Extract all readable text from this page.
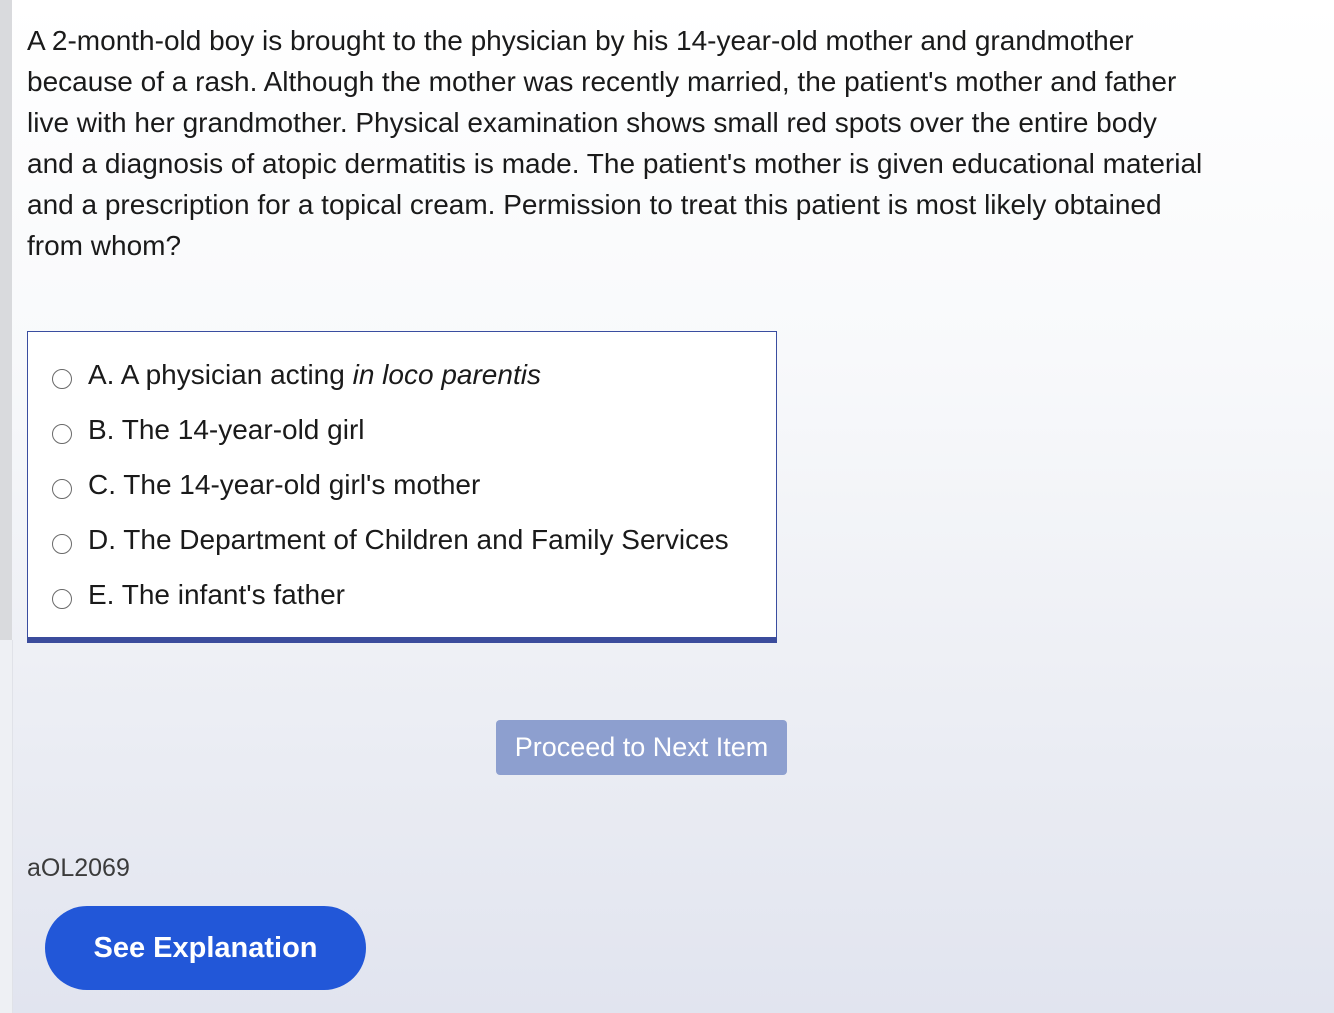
A 2-month-old boy is brought to the physician by his 14-year-old mother and grandmother because of a rash. Although the mother was recently married, the patient's mother and father live with her grandmother. Physical examination shows small red spots over the entire body and a diagnosis of atopic dermatitis is made. The patient's mother is given educational material and a prescription for a topical cream. Permission to treat this patient is most likely obtained from whom?
A. A physician acting in loco parentis
B. The 14-year-old girl
C. The 14-year-old girl's mother
D. The Department of Children and Family Services
E. The infant's father
Proceed to Next Item
aOL2069
See Explanation
